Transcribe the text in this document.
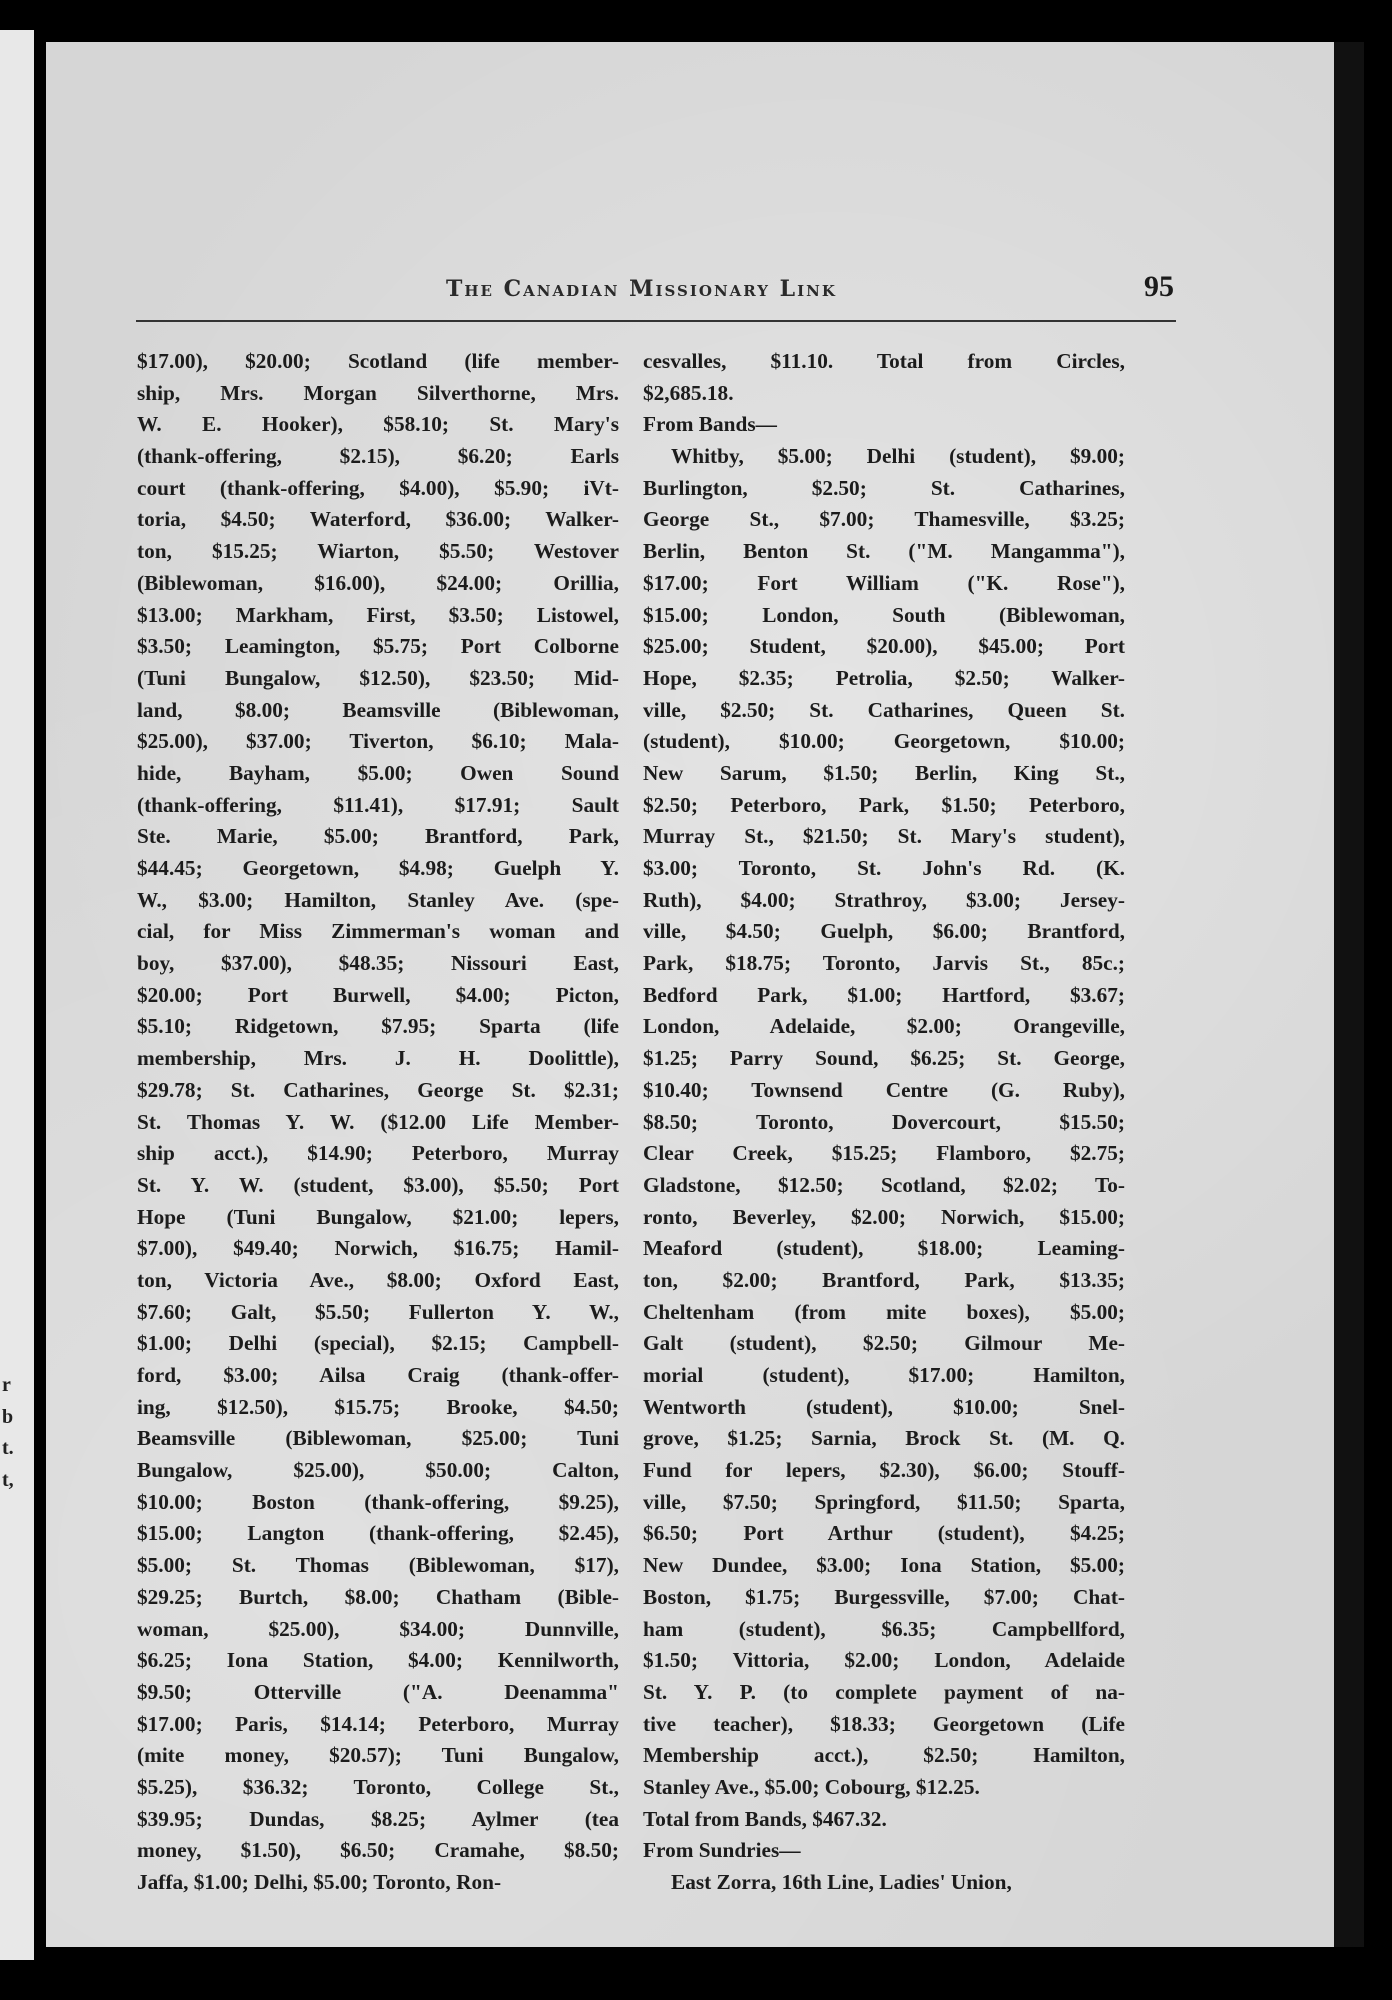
r
b
t.
t,
The Canadian Missionary Link	95
$17.00), $20.00; Scotland (life member-
ship, Mrs. Morgan Silverthorne, Mrs.
W. E. Hooker), $58.10; St. Mary's
(thank-offering, $2.15), $6.20; Earls
court (thank-offering, $4.00), $5.90; iVt-
toria, $4.50; Waterford, $36.00; Walker-
ton, $15.25; Wiarton, $5.50; Westover
(Biblewoman, $16.00), $24.00; Orillia,
$13.00; Markham, First, $3.50; Listowel,
$3.50; Leamington, $5.75; Port Colborne
(Tuni Bungalow, $12.50), $23.50; Mid-
land, $8.00; Beamsville (Biblewoman,
$25.00), $37.00; Tiverton, $6.10; Mala-
hide, Bayham, $5.00; Owen Sound
(thank-offering, $11.41), $17.91; Sault
Ste. Marie, $5.00; Brantford, Park,
$44.45; Georgetown, $4.98; Guelph Y.
W., $3.00; Hamilton, Stanley Ave. (spe-
cial, for Miss Zimmerman's woman and
boy, $37.00), $48.35; Nissouri East,
$20.00; Port Burwell, $4.00; Picton,
$5.10; Ridgetown, $7.95; Sparta (life
membership, Mrs. J. H. Doolittle),
$29.78; St. Catharines, George St. $2.31;
St. Thomas Y. W. ($12.00 Life Member-
ship acct.), $14.90; Peterboro, Murray
St. Y. W. (student, $3.00), $5.50; Port
Hope (Tuni Bungalow, $21.00; lepers,
$7.00), $49.40; Norwich, $16.75; Hamil-
ton, Victoria Ave., $8.00; Oxford East,
$7.60; Galt, $5.50; Fullerton Y. W.,
$1.00; Delhi (special), $2.15; Campbell-
ford, $3.00; Ailsa Craig (thank-offer-
ing, $12.50), $15.75; Brooke, $4.50;
Beamsville (Biblewoman, $25.00; Tuni
Bungalow, $25.00), $50.00; Calton,
$10.00; Boston (thank-offering, $9.25),
$15.00; Langton (thank-offering, $2.45),
$5.00; St. Thomas (Biblewoman, $17),
$29.25; Burtch, $8.00; Chatham (Bible-
woman, $25.00), $34.00; Dunnville,
$6.25; Iona Station, $4.00; Kennilworth,
$9.50; Otterville ("A. Deenamma"
$17.00; Paris, $14.14; Peterboro, Murray
(mite money, $20.57); Tuni Bungalow,
$5.25), $36.32; Toronto, College St.,
$39.95; Dundas, $8.25; Aylmer (tea
money, $1.50), $6.50; Cramahe, $8.50;
Jaffa, $1.00; Delhi, $5.00; Toronto, Ron-
cesvalles, $11.10. Total from Circles,
$2,685.18.
From Bands—
Whitby, $5.00; Delhi (student), $9.00;
Burlington, $2.50; St. Catharines,
George St., $7.00; Thamesville, $3.25;
Berlin, Benton St. ("M. Mangamma"),
$17.00; Fort William ("K. Rose"),
$15.00; London, South (Biblewoman,
$25.00; Student, $20.00), $45.00; Port
Hope, $2.35; Petrolia, $2.50; Walker-
ville, $2.50; St. Catharines, Queen St.
(student), $10.00; Georgetown, $10.00;
New Sarum, $1.50; Berlin, King St.,
$2.50; Peterboro, Park, $1.50; Peterboro,
Murray St., $21.50; St. Mary's student),
$3.00; Toronto, St. John's Rd. (K.
Ruth), $4.00; Strathroy, $3.00; Jersey-
ville, $4.50; Guelph, $6.00; Brantford,
Park, $18.75; Toronto, Jarvis St., 85c.;
Bedford Park, $1.00; Hartford, $3.67;
London, Adelaide, $2.00; Orangeville,
$1.25; Parry Sound, $6.25; St. George,
$10.40; Townsend Centre (G. Ruby),
$8.50; Toronto, Dovercourt, $15.50;
Clear Creek, $15.25; Flamboro, $2.75;
Gladstone, $12.50; Scotland, $2.02; To-
ronto, Beverley, $2.00; Norwich, $15.00;
Meaford (student), $18.00; Leaming-
ton, $2.00; Brantford, Park, $13.35;
Cheltenham (from mite boxes), $5.00;
Galt (student), $2.50; Gilmour Me-
morial (student), $17.00; Hamilton,
Wentworth (student), $10.00; Snel-
grove, $1.25; Sarnia, Brock St. (M. Q.
Fund for lepers, $2.30), $6.00; Stouff-
ville, $7.50; Springford, $11.50; Sparta,
$6.50; Port Arthur (student), $4.25;
New Dundee, $3.00; Iona Station, $5.00;
Boston, $1.75; Burgessville, $7.00; Chat-
ham (student), $6.35; Campbellford,
$1.50; Vittoria, $2.00; London, Adelaide
St. Y. P. (to complete payment of na-
tive teacher), $18.33; Georgetown (Life
Membership acct.), $2.50; Hamilton,
Stanley Ave., $5.00; Cobourg, $12.25.
Total from Bands, $467.32.
From Sundries—
East Zorra, 16th Line, Ladies' Union,
